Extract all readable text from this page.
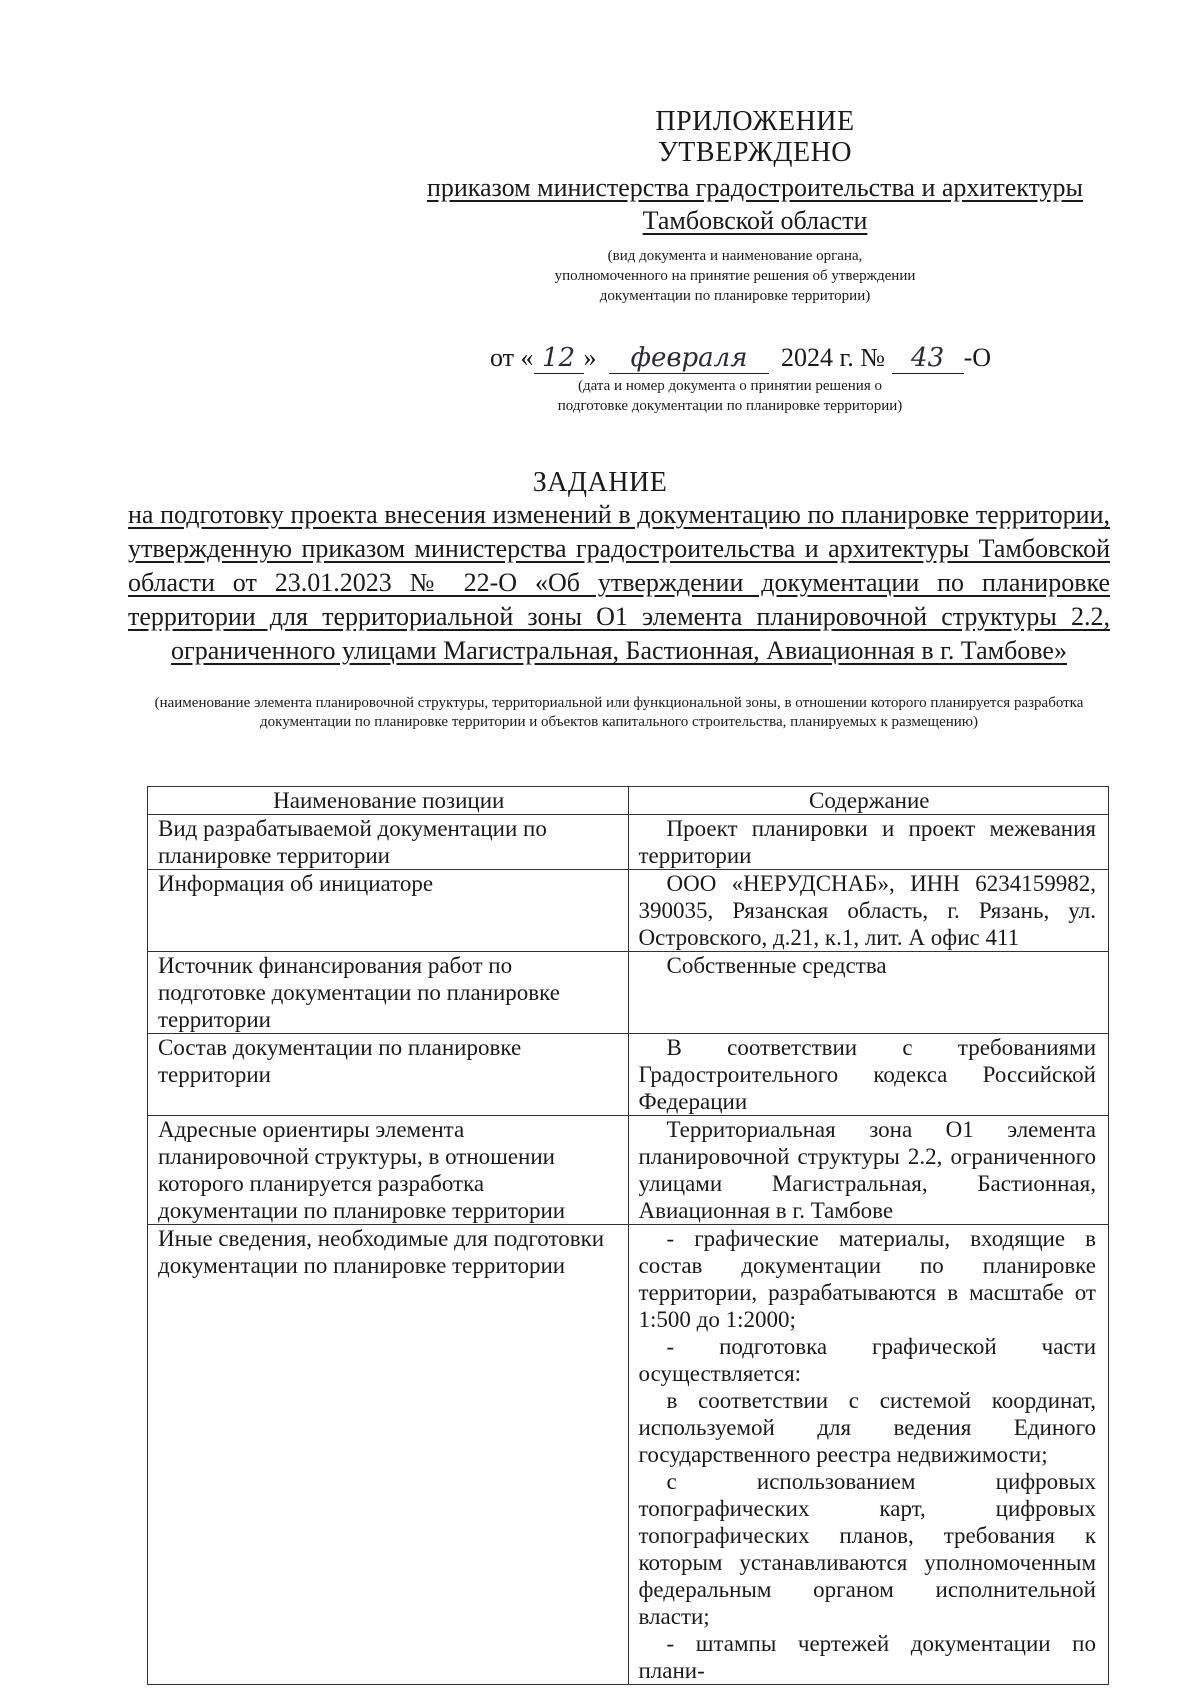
ПРИЛОЖЕНИЕ
УТВЕРЖДЕНО
приказом министерства градостроительства и архитектуры
Тамбовской области
(вид документа и наименование органа,
уполномоченного на принятие решения об утверждении
документации по планировке территории)
от « 12 » февраля 2024 г. № 43 -О
(дата и номер документа о принятии решения о
подготовке документации по планировке территории)
ЗАДАНИЕ
на подготовку проекта внесения изменений в документацию по планировке территории, утвержденную приказом министерства градостроительства и архитектуры Тамбовской области от 23.01.2023 № 22-О «Об утверждении документации по планировке территории для территориальной зоны О1 элемента планировочной структуры 2.2, ограниченного улицами Магистральная, Бастионная, Авиационная в г. Тамбове»
(наименование элемента планировочной структуры, территориальной или функциональной зоны, в отношении которого планируется разработка документации по планировке территории и объектов капитального строительства, планируемых к размещению)
Наименование позиции	Содержание
Вид разрабатываемой документации по планировке территории	Проект планировки и проект межевания территории
Информация об инициаторе	ООО «НЕРУДСНАБ», ИНН 6234159982, 390035, Рязанская область, г. Рязань, ул. Островского, д.21, к.1, лит. А офис 411
Источник финансирования работ по подготовке документации по планировке территории	Собственные средства
Состав документации по планировке территории	В соответствии с требованиями Градостроительного кодекса Российской Федерации
Адресные ориентиры элемента планировочной структуры, в отношении которого планируется разработка документации по планировке территории	Территориальная зона О1 элемента планировочной структуры 2.2, ограниченного улицами Магистральная, Бастионная, Авиационная в г. Тамбове
Иные сведения, необходимые для подготовки документации по планировке территории	- графические материалы, входящие в состав документации по планировке территории, разрабатываются в масштабе от 1:500 до 1:2000;

- подготовка графической части осуществляется:

в соответствии с системой координат, используемой для ведения Единого государственного реестра недвижимости;

с использованием цифровых топографических карт, цифровых топографических планов, требования к которым устанавливаются уполномоченным федеральным органом исполнительной власти;

- штампы чертежей документации по плани-
